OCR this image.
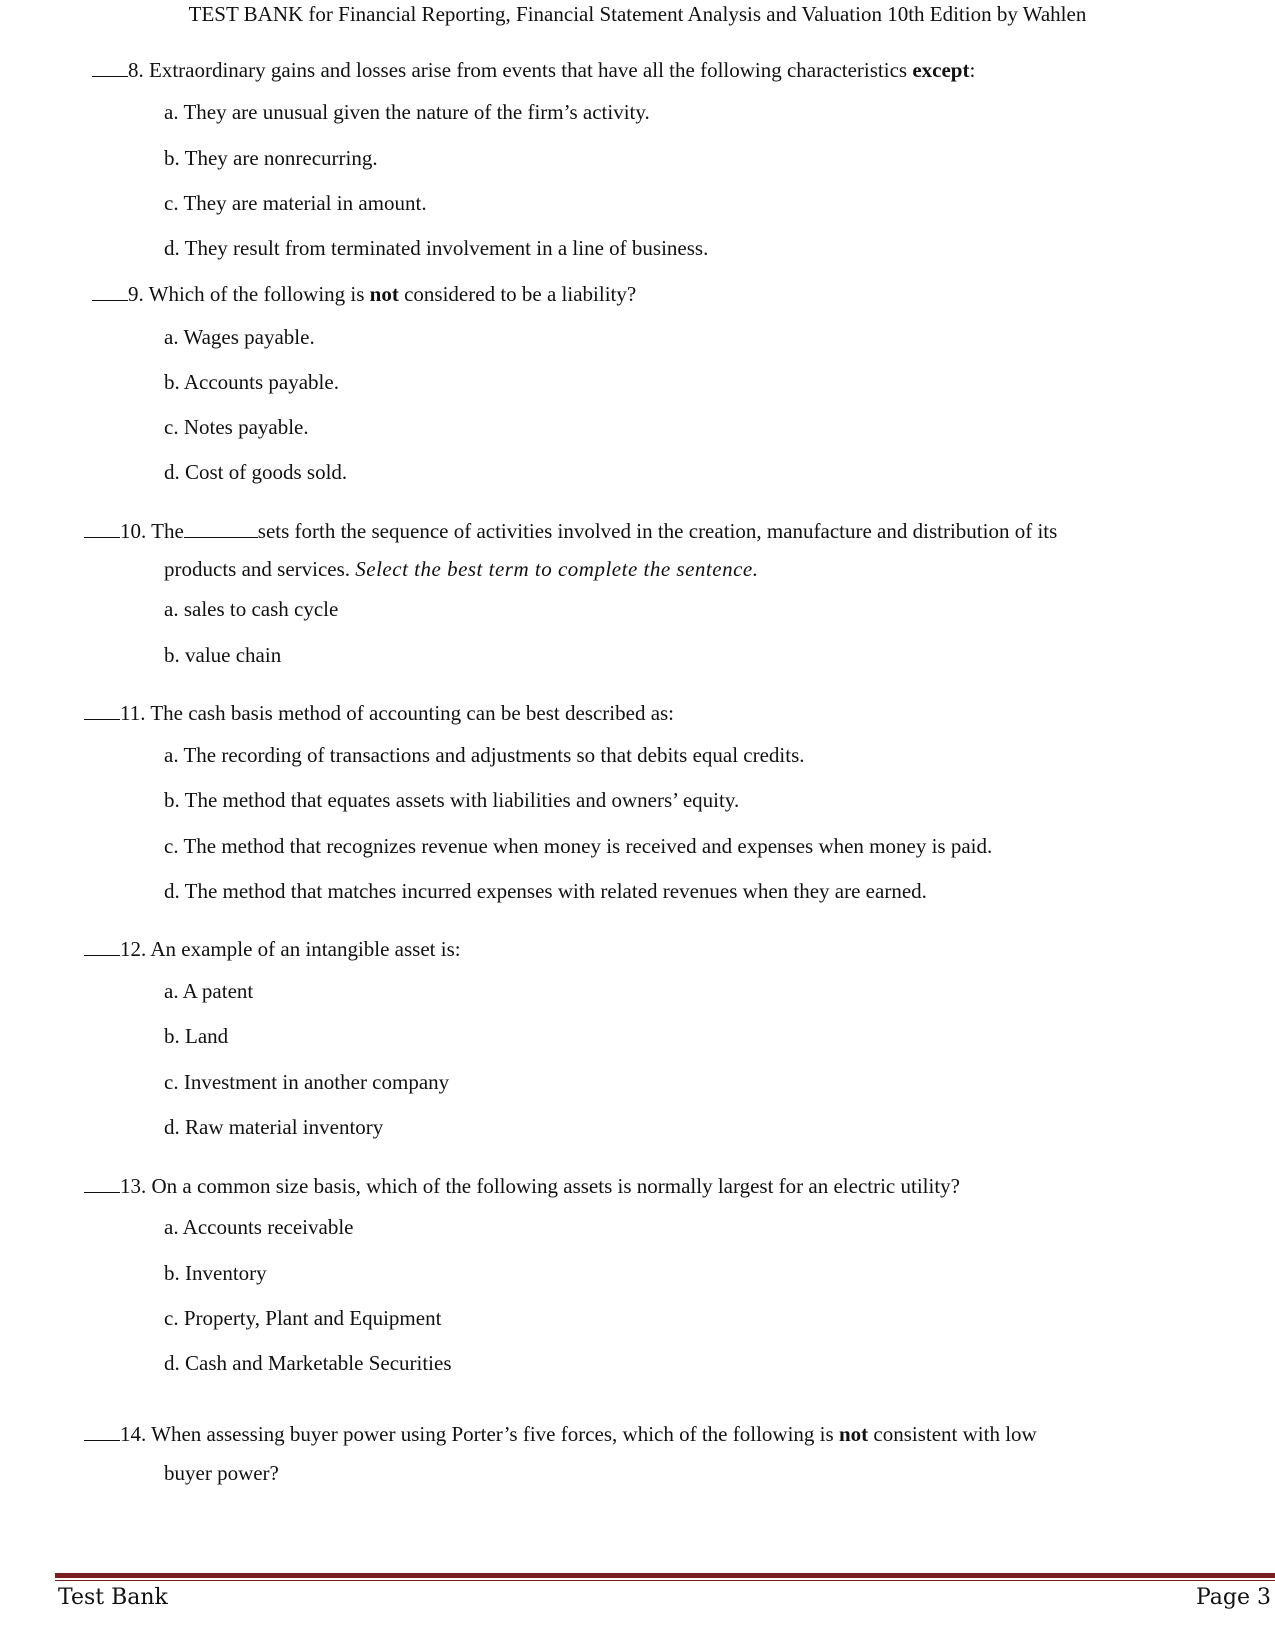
TEST BANK for Financial Reporting, Financial Statement Analysis and Valuation 10th Edition by Wahlen
8. Extraordinary gains and losses arise from events that have all the following characteristics except:
a. They are unusual given the nature of the firm’s activity.
b. They are nonrecurring.
c. They are material in amount.
d. They result from terminated involvement in a line of business.
9. Which of the following is not considered to be a liability?
a. Wages payable.
b. Accounts payable.
c. Notes payable.
d. Cost of goods sold.
10. The	sets forth the sequence of activities involved in the creation, manufacture and distribution of its
products and services. Select the best term to complete the sentence.
a. sales to cash cycle
b. value chain
11. The cash basis method of accounting can be best described as:
a. The recording of transactions and adjustments so that debits equal credits.
b. The method that equates assets with liabilities and owners’ equity.
c. The method that recognizes revenue when money is received and expenses when money is paid.
d. The method that matches incurred expenses with related revenues when they are earned.
12. An example of an intangible asset is:
a. A patent
b. Land
c. Investment in another company
d. Raw material inventory
13. On a common size basis, which of the following assets is normally largest for an electric utility?
a. Accounts receivable
b. Inventory
c. Property, Plant and Equipment
d. Cash and Marketable Securities
14. When assessing buyer power using Porter’s five forces, which of the following is not consistent with low
buyer power?
Test Bank	Page 3
